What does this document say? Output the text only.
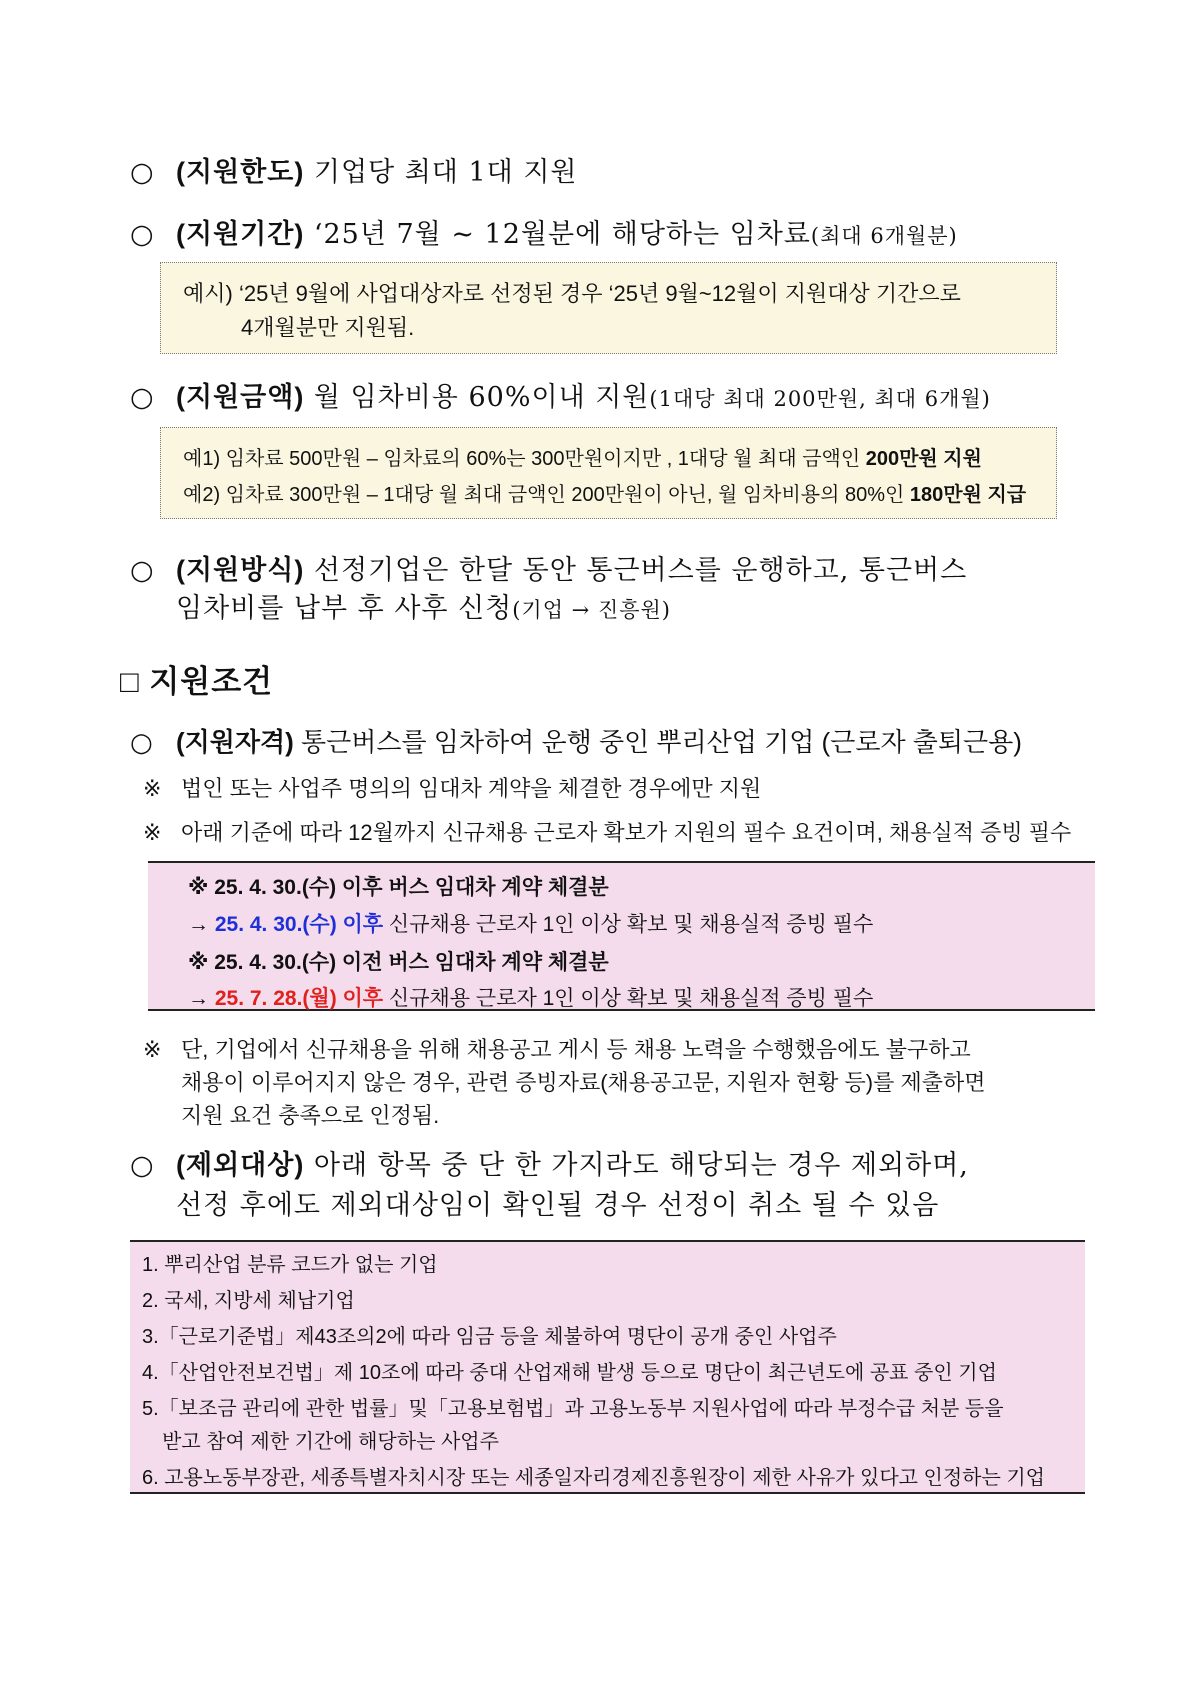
○ (지원한도) 기업당 최대 1대 지원
○ (지원기간) ‘25년 7월 ~ 12월분에 해당하는 임차료(최대 6개월분)
예시) ‘25년 9월에 사업대상자로 선정된 경우 ‘25년 9월~12월이 지원대상 기간으로
4개월분만 지원됨.
○ (지원금액) 월 임차비용 60%이내 지원(1대당 최대 200만원, 최대 6개월)
예1) 임차료 500만원 – 임차료의 60%는 300만원이지만 , 1대당 월 최대 금액인 200만원 지원
예2) 임차료 300만원 – 1대당 월 최대 금액인 200만원이 아닌, 월 임차비용의 80%인 180만원 지급
○ (지원방식) 선정기업은 한달 동안 통근버스를 운행하고, 통근버스
임차비를 납부 후 사후 신청(기업 → 진흥원)
□ 지원조건
○ (지원자격) 통근버스를 임차하여 운행 중인 뿌리산업 기업 (근로자 출퇴근용)
※ 법인 또는 사업주 명의의 임대차 계약을 체결한 경우에만 지원
※ 아래 기준에 따라 12월까지 신규채용 근로자 확보가 지원의 필수 요건이며, 채용실적 증빙 필수
※ 25. 4. 30.(수) 이후 버스 임대차 계약 체결분
→ 25. 4. 30.(수) 이후 신규채용 근로자 1인 이상 확보 및 채용실적 증빙 필수
※ 25. 4. 30.(수) 이전 버스 임대차 계약 체결분
→ 25. 7. 28.(월) 이후 신규채용 근로자 1인 이상 확보 및 채용실적 증빙 필수
※ 단, 기업에서 신규채용을 위해 채용공고 게시 등 채용 노력을 수행했음에도 불구하고
채용이 이루어지지 않은 경우, 관련 증빙자료(채용공고문, 지원자 현황 등)를 제출하면
지원 요건 충족으로 인정됨.
○ (제외대상) 아래 항목 중 단 한 가지라도 해당되는 경우 제외하며,
선정 후에도 제외대상임이 확인될 경우 선정이 취소 될 수 있음
1. 뿌리산업 분류 코드가 없는 기업
2. 국세, 지방세 체납기업
3.「근로기준법」제43조의2에 따라 임금 등을 체불하여 명단이 공개 중인 사업주
4.「산업안전보건법」제 10조에 따라 중대 산업재해 발생 등으로 명단이 최근년도에 공표 중인 기업
5.「보조금 관리에 관한 법률」및「고용보험법」과 고용노동부 지원사업에 따라 부정수급 처분 등을
받고 참여 제한 기간에 해당하는 사업주
6. 고용노동부장관, 세종특별자치시장 또는 세종일자리경제진흥원장이 제한 사유가 있다고 인정하는 기업
